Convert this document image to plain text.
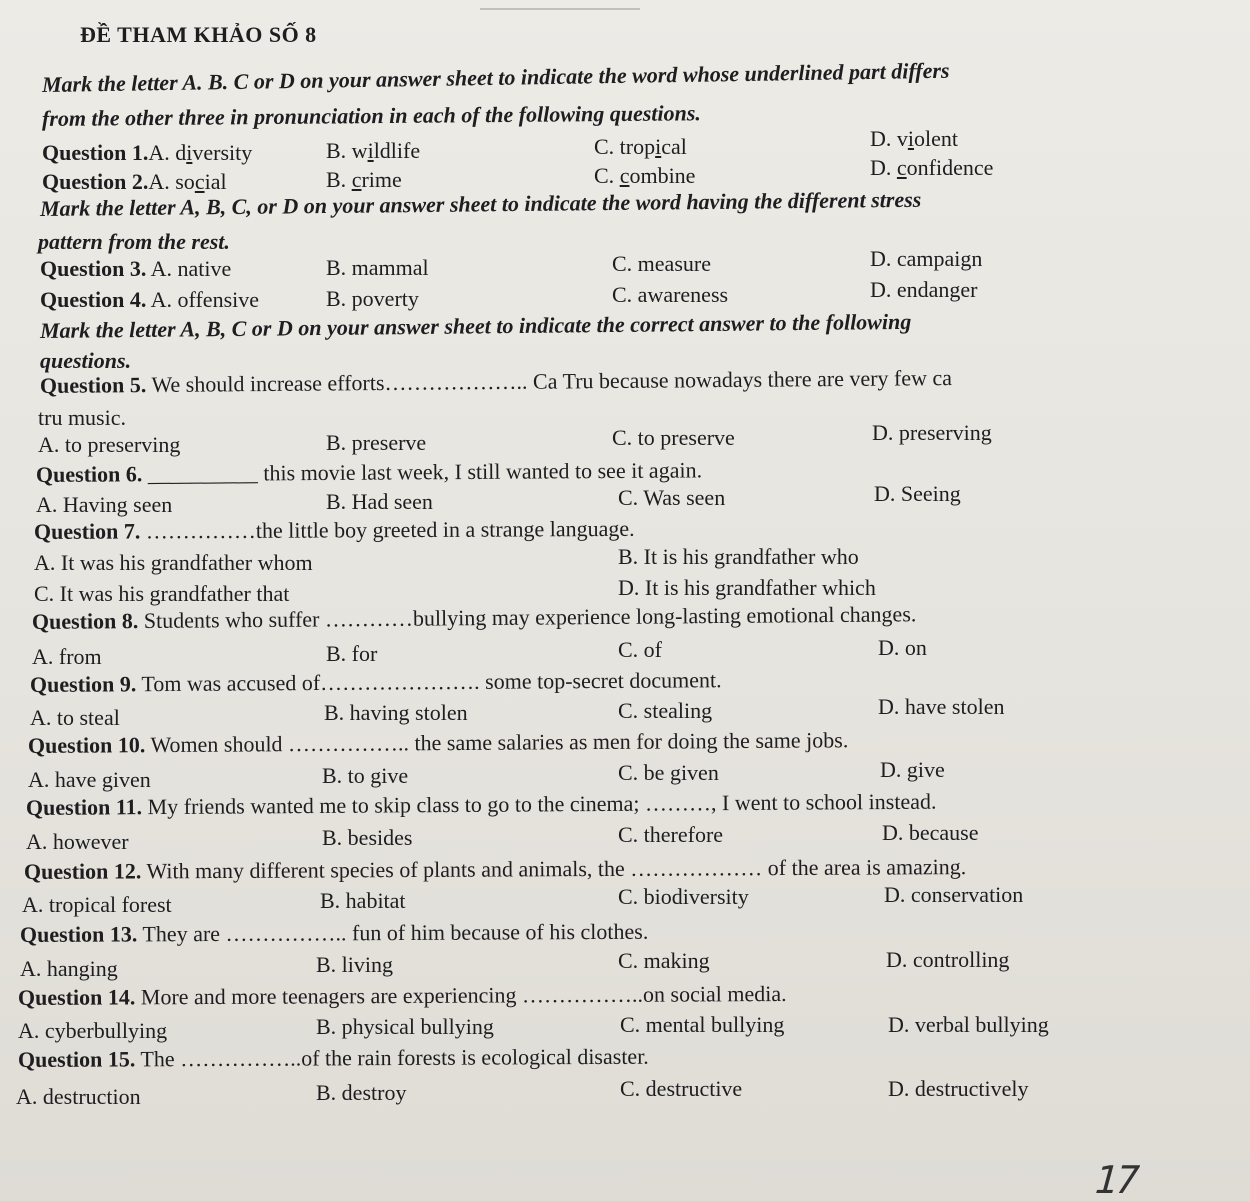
ĐỀ THAM KHẢO SỐ 8
Mark the letter A. B. C or D on your answer sheet to indicate the word whose underlined part differs
from the other three in pronunciation in each of the following questions.
Question 1.A. diversity	B. wildlife	C. tropical	D. violent
Question 2.A. social	B. crime	C. combine	D. confidence
Mark the letter A, B, C, or D on your answer sheet to indicate the word having the different stress
pattern from the rest.
Question 3. A. native	B. mammal	C. measure	D. campaign
Question 4. A. offensive	B. poverty	C. awareness	D. endanger
Mark the letter A, B, C or D on your answer sheet to indicate the correct answer to the following
questions.
Question 5. We should increase efforts……………….. Ca Tru because nowadays there are very few ca
tru music.
A. to preserving	B. preserve	C. to preserve	D. preserving
Question 6. __________ this movie last week, I still wanted to see it again.
A. Having seen	B. Had seen	C. Was seen	D. Seeing
Question 7. ……………the little boy greeted in a strange language.
A. It was his grandfather whom	B. It is his grandfather who
C. It was his grandfather that	D. It is his grandfather which
Question 8. Students who suffer …………bullying may experience long-lasting emotional changes.
A. from	B. for	C. of	D. on
Question 9. Tom was accused of…………………. some top-secret document.
A. to steal	B. having stolen	C. stealing	D. have stolen
Question 10. Women should …………….. the same salaries as men for doing the same jobs.
A. have given	B. to give	C. be given	D. give
Question 11. My friends wanted me to skip class to go to the cinema; ………, I went to school instead.
A. however	B. besides	C. therefore	D. because
Question 12. With many different species of plants and animals, the ……………… of the area is amazing.
A. tropical forest	B. habitat	C. biodiversity	D. conservation
Question 13. They are …………….. fun of him because of his clothes.
A. hanging	B. living	C. making	D. controlling
Question 14. More and more teenagers are experiencing ……………..on social media.
A. cyberbullying	B. physical bullying	C. mental bullying	D. verbal bullying
Question 15. The ……………..of the rain forests is ecological disaster.
A. destruction	B. destroy	C. destructive	D. destructively
17
